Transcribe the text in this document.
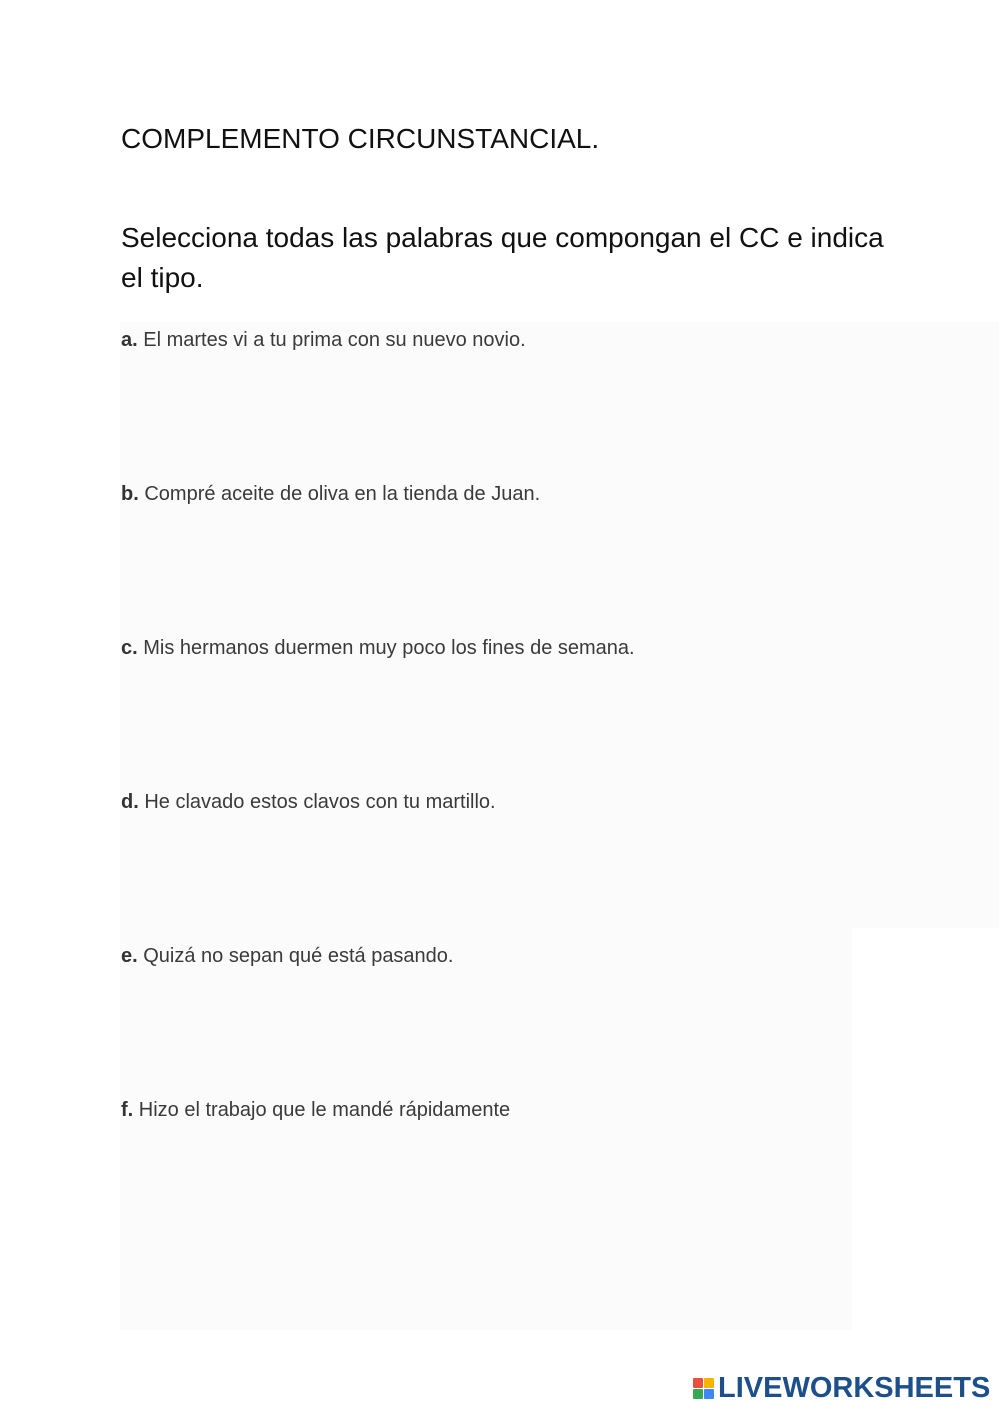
COMPLEMENTO CIRCUNSTANCIAL.

Selecciona todas las palabras que compongan el CC e indica el tipo.

a. El martes vi a tu prima con su nuevo novio.
b. Compré aceite de oliva en la tienda de Juan.
c. Mis hermanos duermen muy poco los fines de semana.
d. He clavado estos clavos con tu martillo.
e. Quizá no sepan qué está pasando.
f. Hizo el trabajo que le mandé rápidamente
LIVEWORKSHEETS
